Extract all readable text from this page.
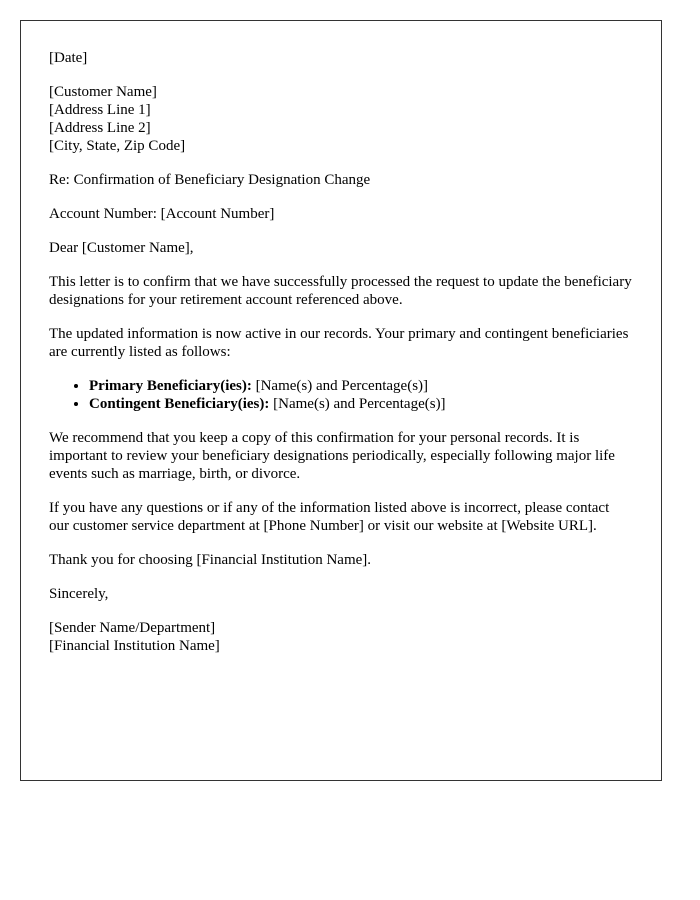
[Date]

[Customer Name]
[Address Line 1]
[Address Line 2]
[City, State, Zip Code]

Re: Confirmation of Beneficiary Designation Change

Account Number: [Account Number]

Dear [Customer Name],

This letter is to confirm that we have successfully processed the request to update the beneficiary designations for your retirement account referenced above.

The updated information is now active in our records. Your primary and contingent beneficiaries are currently listed as follows:

• Primary Beneficiary(ies): [Name(s) and Percentage(s)]
• Contingent Beneficiary(ies): [Name(s) and Percentage(s)]

We recommend that you keep a copy of this confirmation for your personal records. It is important to review your beneficiary designations periodically, especially following major life events such as marriage, birth, or divorce.

If you have any questions or if any of the information listed above is incorrect, please contact our customer service department at [Phone Number] or visit our website at [Website URL].

Thank you for choosing [Financial Institution Name].

Sincerely,

[Sender Name/Department]
[Financial Institution Name]
